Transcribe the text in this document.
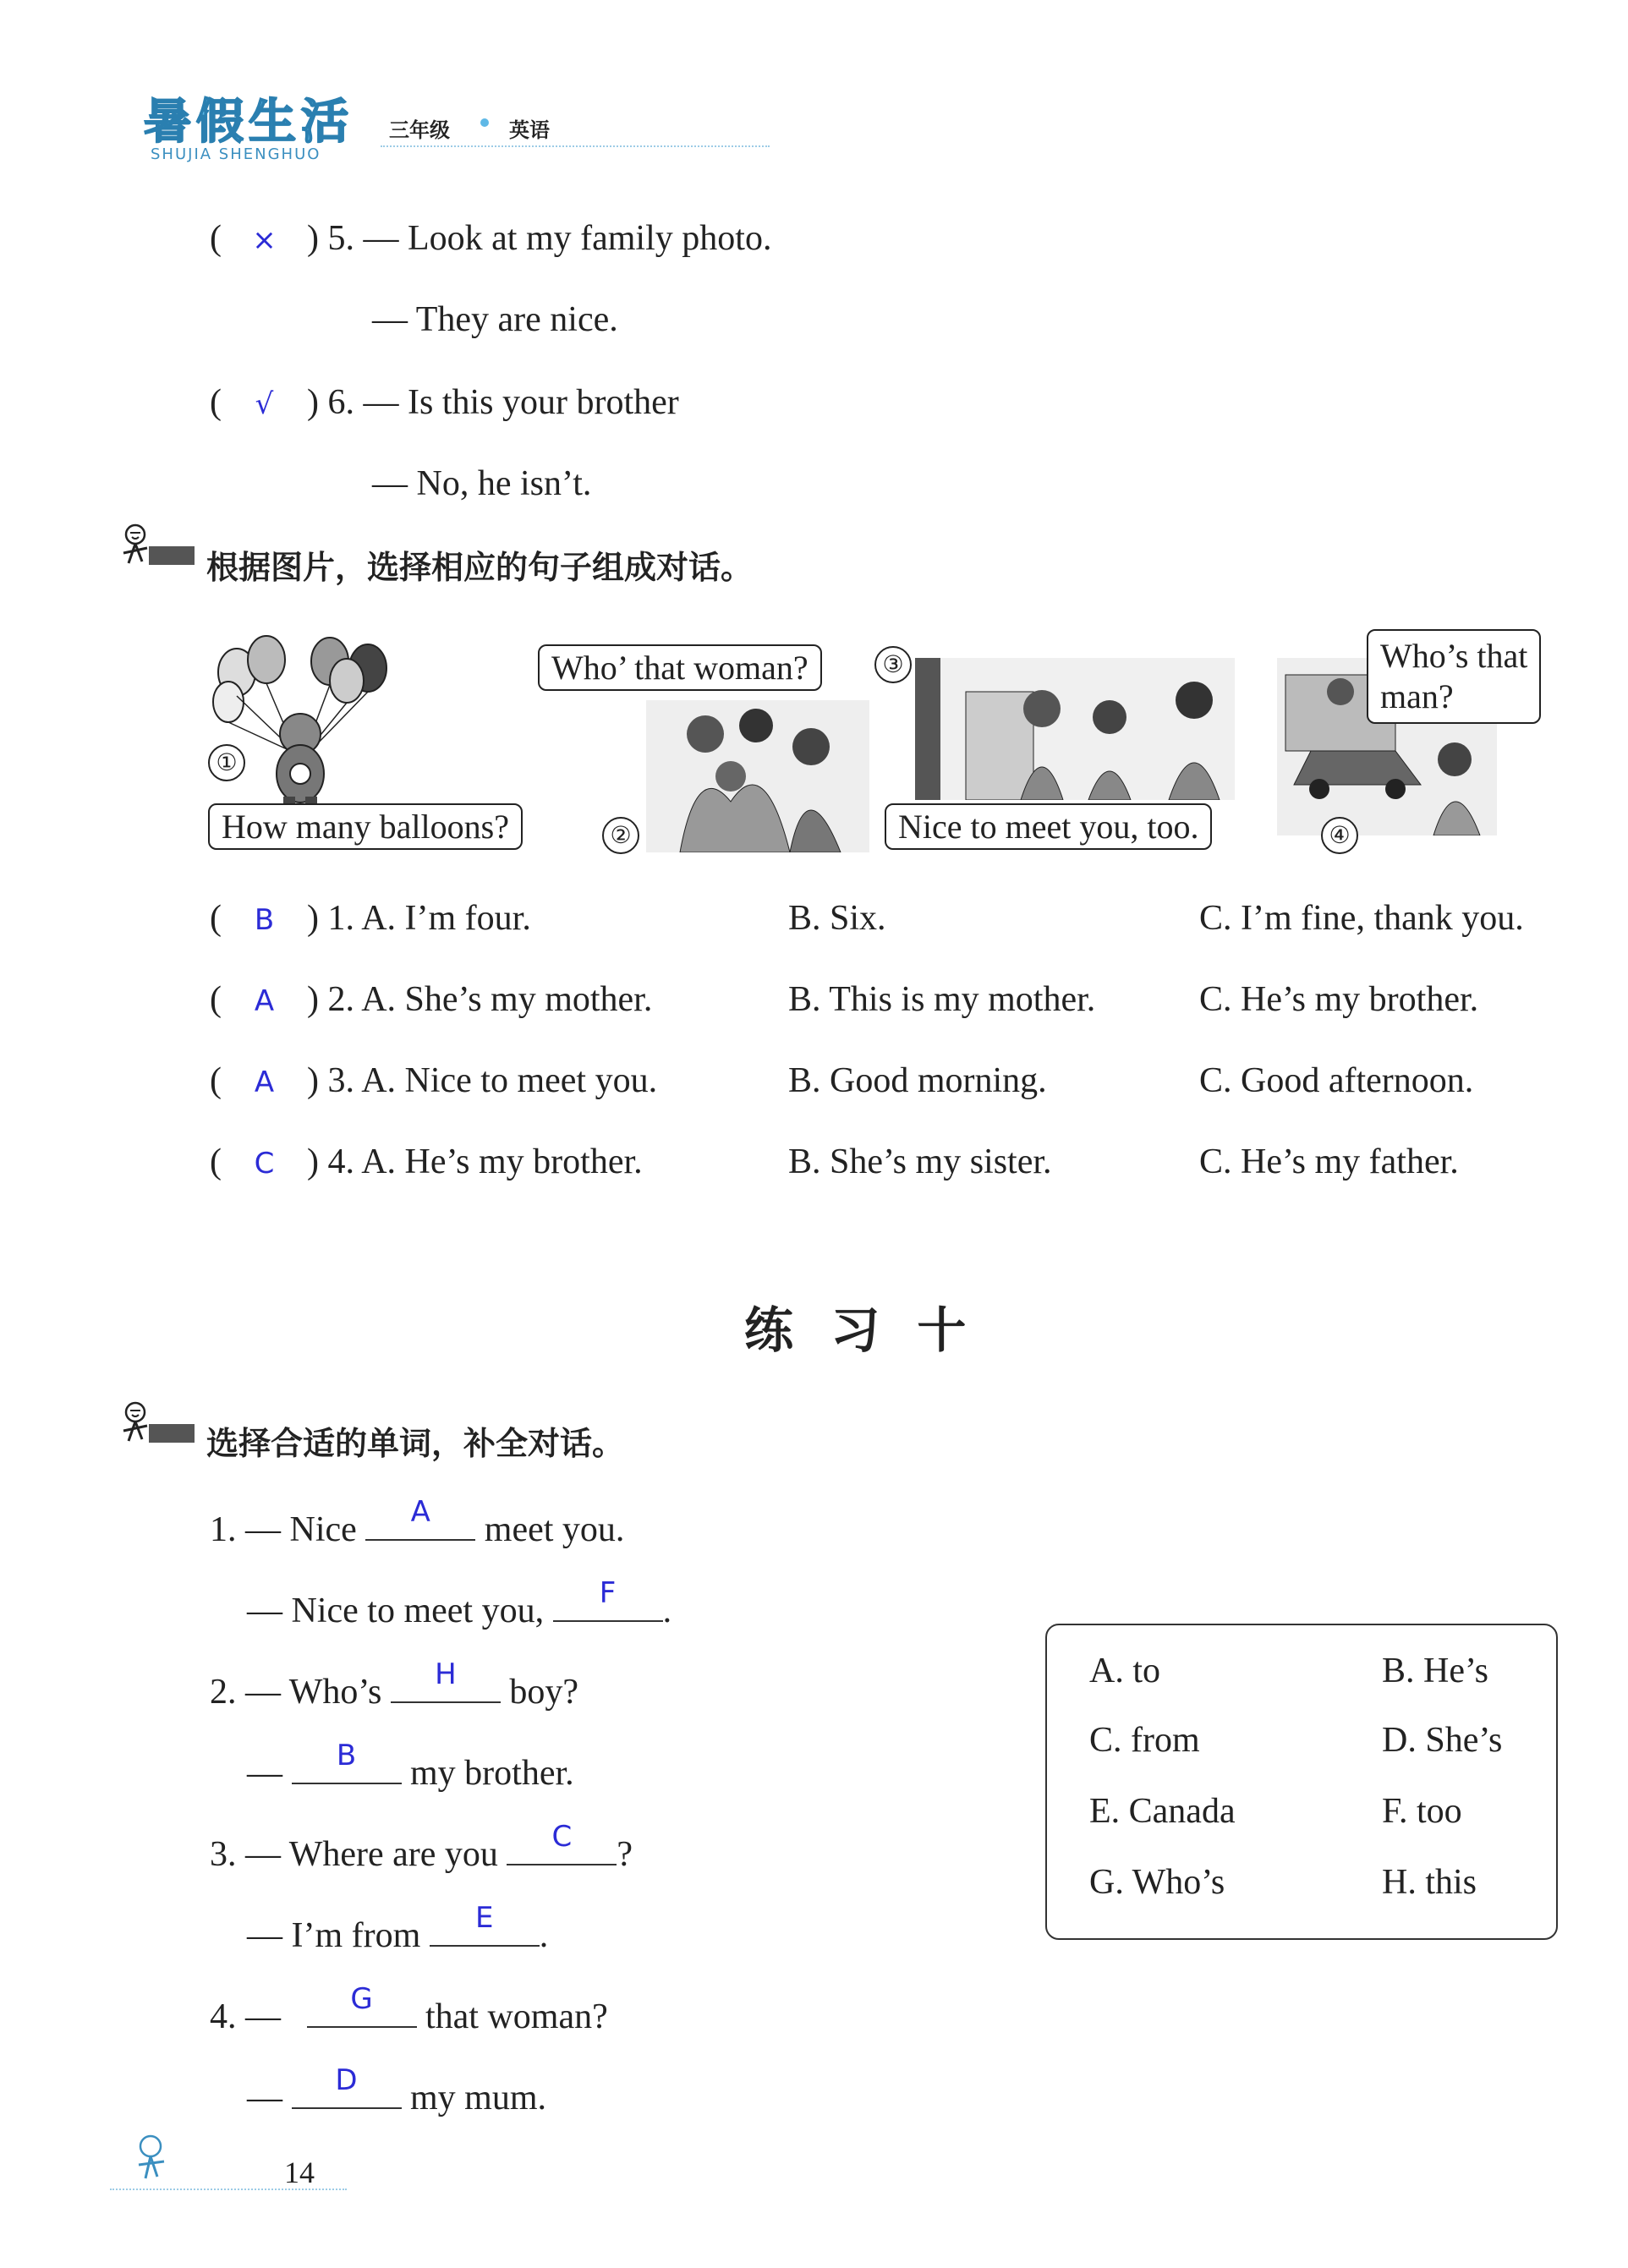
暑假生活
SHUJIA SHENGHUO
三年级	英语
( × ) 5. — Look at my family photo.
— They are nice.
( √ ) 6. — Is this your brother
— No, he isn’t.
根据图片，选择相应的句子组成对话。
①
How many balloons?
Who’ that woman?
②
③
Nice to meet you, too.
Who’s that
man?
④
( B ) 1. A. I’m four.	B. Six.	C. I’m fine, thank you.
( A ) 2. A. She’s my mother.	B. This is my mother.	C. He’s my brother.
( A ) 3. A. Nice to meet you.	B. Good morning.	C. Good afternoon.
( C ) 4. A. He’s my brother.	B. She’s my sister.	C. He’s my father.
练 习 十
选择合适的单词，补全对话。
1. — Nice	A	meet you.
— Nice to meet you,	F	.
2. — Who’s	H	boy?
—	B	my brother.
3. — Where are you	C	?
— I’m from	E	.
4. —	G	that woman?
—	D	my mum.
A. to	B. He’s
C. from	D. She’s
E. Canada	F. too
G. Who’s	H. this
14
